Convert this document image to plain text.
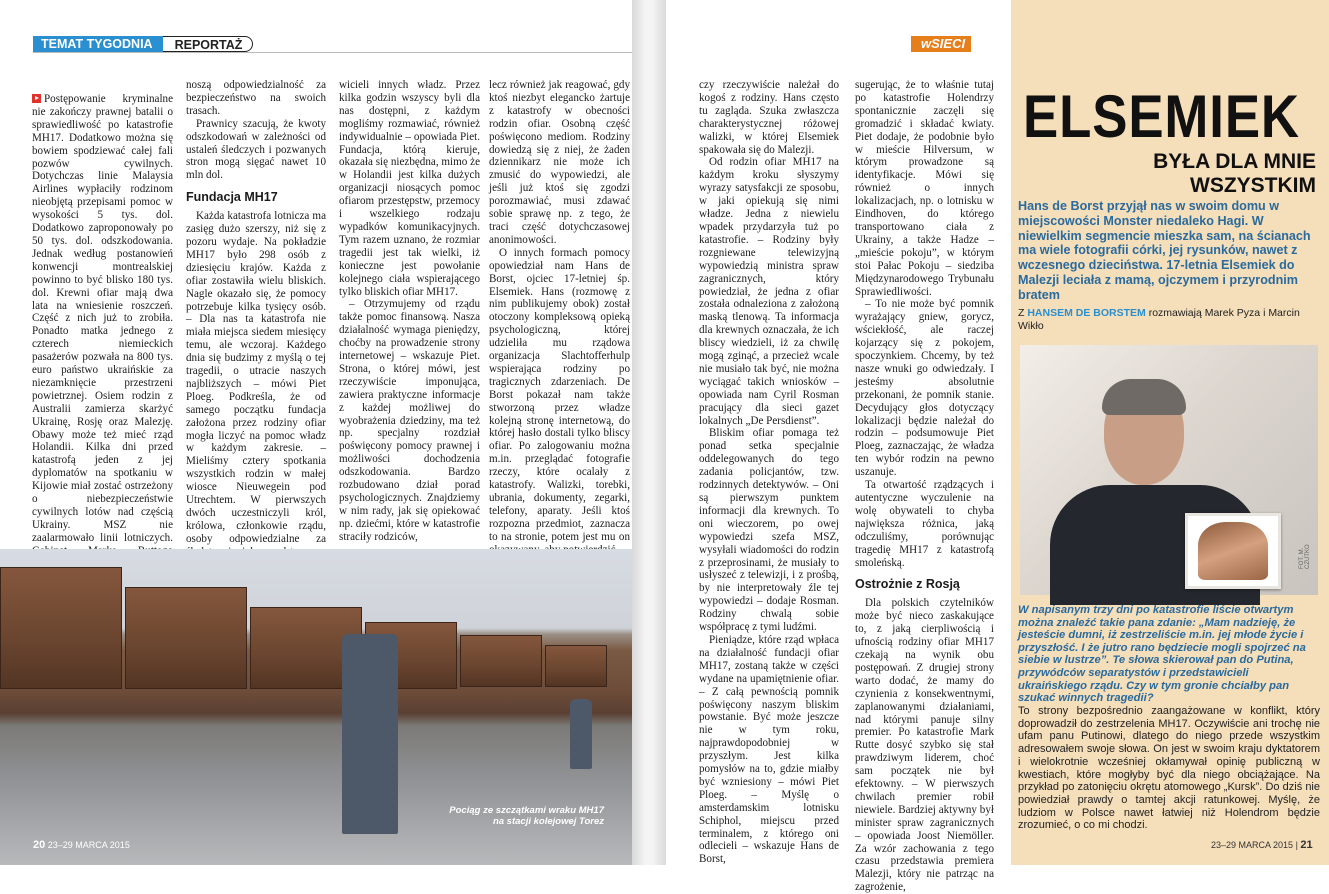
TEMAT TYGODNIA	REPORTAŻ

Postępowanie kryminalne nie zakończy prawnej batalii o sprawiedliwość po katastrofie MH17. Dodatkowo można się bowiem spodziewać całej fali pozwów cywilnych. Dotychczas linie Malaysia Airlines wypłaciły rodzinom nieobjętą przepisami pomoc w wysokości 5 tys. dol. Dodatkowo zaproponowały po 50 tys. dol. odszkodowania. Jednak według postanowień konwencji montrealskiej powinno to być blisko 180 tys. dol. Krewni ofiar mają dwa lata na wniesienie roszczeń. Część z nich już to zrobiła. Ponadto matka jednego z czterech niemieckich pasażerów pozwała na 800 tys. euro państwo ukraińskie za niezamknięcie przestrzeni powietrznej. Osiem rodzin z Australii zamierza skarżyć Ukrainę, Rosję oraz Malezję. Obawy może też mieć rząd Holandii. Kilka dni przed katastrofą jeden z jej dyplomatów na spotkaniu w Kijowie miał zostać ostrzeżony o niebezpieczeństwie cywilnych lotów nad częścią Ukrainy. MSZ nie zaalarmowało linii lotniczych.

noszą odpowiedzialność za bezpieczeństwo na swoich trasach.

Prawnicy szacują, że kwoty odszkodowań w zależności od ustaleń śledczych i pozwanych stron mogą sięgać nawet 10 mln dol.

Fundacja MH17

Każda katastrofa lotnicza ma zasięg dużo szerszy, niż się z pozoru wydaje. Na pokładzie MH17 było 298 osób z dziesięciu krajów. Każda z ofiar zostawiła wielu bliskich. Nagle okazało się, że pomocy potrzebuje kilka tysięcy osób. – Dla nas ta katastrofa nie miała miejsca siedem miesięcy temu, ale wczoraj. Każdego dnia się budzimy z myślą o tej tragedii, o utracie naszych najbliższych – mówi Piet Ploeg. Podkreśla, że od samego początku fundacja założona przez rodziny ofiar mogła liczyć na pomoc władz w każdym zakresie. – Mieliśmy cztery spotkania wszystkich rodzin w małej wiosce Nieuwegein pod Utrechtem. W pierwszych dwóch uczestniczyli król, królowa, członkowie rządu, osoby odpowiedzialne za

wicieli innych władz. Przez kilka godzin wszyscy byli dla nas dostępni, z każdym mogliśmy rozmawiać, również indywidualnie – opowiada Piet. Fundacja, którą kieruje, okazała się niezbędna, mimo że w Holandii jest kilka dużych organizacji niosących pomoc ofiarom przestępstw, przemocy i wszelkiego rodzaju wypadków komunikacyjnych. Tym razem uznano, że rozmiar tragedii jest tak wielki, iż konieczne jest powołanie kolejnego ciała wspierającego tylko bliskich ofiar MH17.

– Otrzymujemy od rządu także pomoc finansową. Nasza działalność wymaga pieniędzy, choćby na prowadzenie strony internetowej – wskazuje Piet. Strona, o której mówi, jest rzeczywiście imponująca, zawiera praktyczne informacje z każdej możliwej do wyobrażenia dziedziny, ma też np. specjalny rozdział poświęcony pomocy prawnej i możliwości dochodzenia odszkodowania. Bardzo rozbudowano dział porad psychologicznych. Znajdziemy w nim rady, jak się opiekować np. dziećmi, które w katastrofie straciły rodziców,

lecz również jak reagować, gdy ktoś niezbyt elegancko żartuje z katastrofy w obecności rodzin ofiar. Osobną część poświęcono mediom. Rodziny dowiedzą się z niej, że żaden dziennikarz nie może ich zmusić do wypowiedzi, ale jeśli już ktoś się zgodzi porozmawiać, musi zdawać sobie sprawę np. z tego, że traci część dotychczasowej anonimowości.

O innych formach pomocy opowiedział nam Hans de Borst, ojciec 17-letniej śp. Elsemiek. Hans (rozmowę z nim publikujemy obok) został otoczony kompleksową opieką psychologiczną, której udzieliła mu rządowa organizacja Slachtofferhulp wspierająca rodziny po tragicznych zdarzeniach. De Borst pokazał nam także stworzoną przez władze kolejną stronę internetową, do której hasło dostali tylko bliscy ofiar. Po zalogowaniu można m.in. przeglądać fotografie rzeczy, które ocalały z katastrofy. Walizki, torebki, ubrania, dokumenty, zegarki, telefony, aparaty. Jeśli ktoś rozpozna przedmiot, zaznacza to na stronie, potem jest mu on

Pociąg ze szczątkami wraku MH17
na stacji kolejowej Torez
20 23–29 MARCA 2015

czy rzeczywiście należał do kogoś z rodziny. Hans często tu zagląda. Szuka zwłaszcza charakterystycznej różowej walizki, w której Elsemiek spakowała się do Malezji.

Od rodzin ofiar MH17 na każdym kroku słyszymy wyrazy satysfakcji ze sposobu, w jaki opiekują się nimi władze. Jedna z niewielu wpadek przydarzyła tuż po katastrofie. – Rodziny były rozgniewane telewizyjną wypowiedzią ministra spraw zagranicznych, który powiedział, że jedna z ofiar została odnaleziona z założoną maską tlenową. Ta informacja dla krewnych oznaczała, że ich bliscy wiedzieli, iż za chwilę mogą zginąć, a przecież wcale nie musiało tak być, nie można wyciągać takich wniosków – opowiada nam Cyril Rosman pracujący dla sieci gazet lokalnych „De Persdienst”.

Bliskim ofiar pomaga też ponad setka specjalnie oddelegowanych do tego zadania policjantów, tzw. rodzinnych detektywów. – Oni są pierwszym punktem informacji dla krewnych. To oni wieczorem, po owej wypowiedzi szefa MSZ, wysyłali wiadomości do rodzin z przeprosinami, że musiały to usłyszeć z telewizji, i z prośbą, by nie interpretowały źle tej wypowiedzi – dodaje Rosman. Rodziny chwalą sobie współpracę z tymi ludźmi.

Pieniądze, które rząd wpłaca na działalność fundacji ofiar MH17, zostaną także w części wydane na upamiętnienie ofiar. – Z całą pewnością pomnik poświęcony naszym bliskim powstanie. Być może jeszcze nie w tym roku, najprawdopodobniej w przyszłym. Jest kilka pomysłów na to, gdzie miałby być wzniesiony – mówi Piet Ploeg. – Myślę o amsterdamskim lotnisku Schiphol, miejscu przed terminalem, z którego oni odlecieli – wskazuje Hans de Borst,

sugerując, że to właśnie tutaj po katastrofie Holendrzy spontanicznie zaczęli się gromadzić i składać kwiaty. Piet dodaje, że podobnie było w mieście Hilversum, w którym prowadzone są identyfikacje. Mówi się również o innych lokalizacjach, np. o lotnisku w Eindhoven, do którego transportowano ciała z Ukrainy, a także Hadze – „mieście pokoju”, w którym stoi Pałac Pokoju – siedziba Międzynarodowego Trybunału Sprawiedliwości.

– To nie może być pomnik wyrażający gniew, gorycz, wściekłość, ale raczej kojarzący się z pokojem, spoczynkiem. Chcemy, by też nasze wnuki go odwiedzały. I jesteśmy absolutnie przekonani, że pomnik stanie. Decydujący głos dotyczący lokalizacji będzie należał do rodzin – podsumowuje Piet Ploeg, zaznaczając, że władza ten wybór rodzin na pewno uszanuje.

Ta otwartość rządzących i autentyczne wyczulenie na wolę obywateli to chyba największa różnica, jaką odczuliśmy, porównując tragedię MH17 z katastrofą smoleńską.

Ostrożnie z Rosją

Dla polskich czytelników może być nieco zaskakujące to, z jaką cierpliwością i ufnością rodziny ofiar MH17 czekają na wynik obu postępowań. Z drugiej strony warto dodać, że mamy do czynienia z konsekwentnymi, zaplanowanymi działaniami, nad którymi panuje silny premier. Po katastrofie Mark Rutte dosyć szybko się stał prawdziwym liderem, choć sam początek nie był efektowny. – W pierwszych chwilach premier robił niewiele. Bardziej aktywny był minister spraw zagranicznych – opowiada Joost Niemöller. Za wzór zachowania z tego czasu przedstawia premiera Malezji, który nie patrząc na zagrożenie,

wSIECI
ELSEMIEK
BYŁA DLA MNIE WSZYSTKIM
Hans de Borst przyjął nas w swoim domu w miejscowości Monster niedaleko Hagi. W niewielkim segmencie mieszka sam, na ścianach ma wiele fotografii córki, jej rysunków, nawet z wczesnego dzieciństwa. 17-letnia Elsemiek do Malezji leciała z mamą, ojczymem i przyrodnim bratem
Z HANSEM DE BORSTEM rozmawiają Marek Pyza i Marcin Wikło
FOT. M. CZUTKO
W napisanym trzy dni po katastrofie liście otwartym można znaleźć takie pana zdanie: „Mam nadzieję, że jesteście dumni, iż zestrzeliście m.in. jej młode życie i przyszłość. I że jutro rano będziecie mogli spojrzeć na siebie w lustrze”. Te słowa skierował pan do Putina, przywódców separatystów i przedstawicieli ukraińskiego rządu. Czy w tym gronie chciałby pan szukać winnych tragedii?
To strony bezpośrednio zaangażowane w konflikt, który doprowadził do zestrzelenia MH17. Oczywiście ani trochę nie ufam panu Putinowi, dlatego do niego przede wszystkim adresowałem swoje słowa. On jest w swoim kraju dyktatorem i wielokrotnie wcześniej okłamywał opinię publiczną w kwestiach, które mogłyby być dla niego obciążające. Na przykład po zatonięciu okrętu atomowego „Kursk”. Do dziś nie powiedział prawdy o tamtej akcji ratunkowej. Myślę, że ludziom w Polsce nawet łatwiej niż Holendrom będzie zrozumieć, o co mi chodzi.
23–29 MARCA 2015 | 21
